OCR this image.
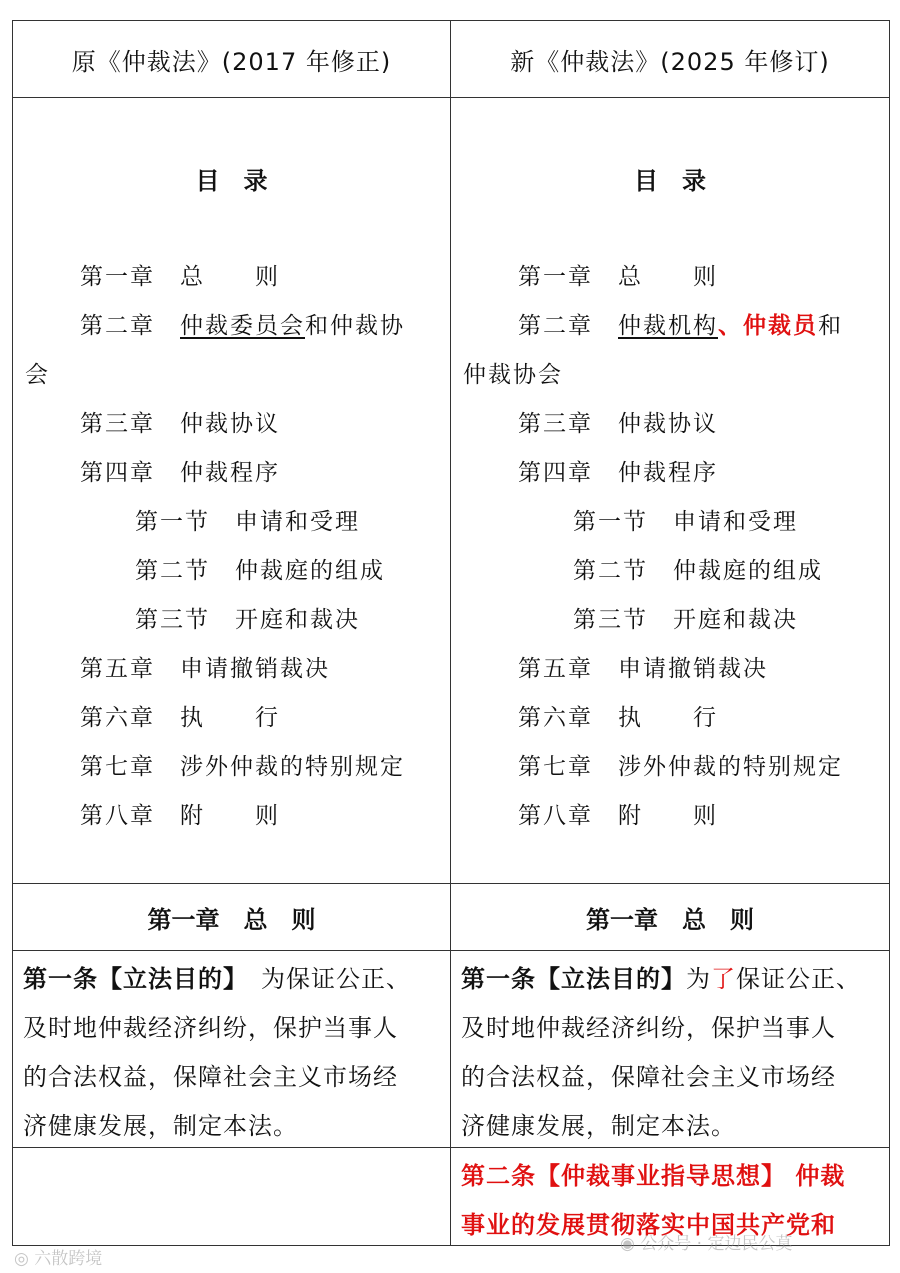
原《仲裁法》(2017 年修正)	新《仲裁法》(2025 年修订)
目　录
第一章　总　　则
第二章　仲裁委员会和仲裁协
会
第三章　仲裁协议
第四章　仲裁程序
第一节　申请和受理
第二节　仲裁庭的组成
第三节　开庭和裁决
第五章　申请撤销裁决
第六章　执　　行
第七章　涉外仲裁的特别规定
第八章　附　　则
目　录
第一章　总　　则
第二章　仲裁机构、仲裁员和
仲裁协会
第三章　仲裁协议
第四章　仲裁程序
第一节　申请和受理
第二节　仲裁庭的组成
第三节　开庭和裁决
第五章　申请撤销裁决
第六章　执　　行
第七章　涉外仲裁的特别规定
第八章　附　　则
第一章　总　则	第一章　总　则
第一条【立法目的】　为保证公正、
及时地仲裁经济纠纷，保护当事人
的合法权益，保障社会主义市场经
济健康发展，制定本法。
第一条【立法目的】为了保证公正、
及时地仲裁经济纠纷，保护当事人
的合法权益，保障社会主义市场经
济健康发展，制定本法。
第二条【仲裁事业指导思想】 仲裁
事业的发展贯彻落实中国共产党和
◎ 六散跨境
◉ 公众号 · 定边民公莫
